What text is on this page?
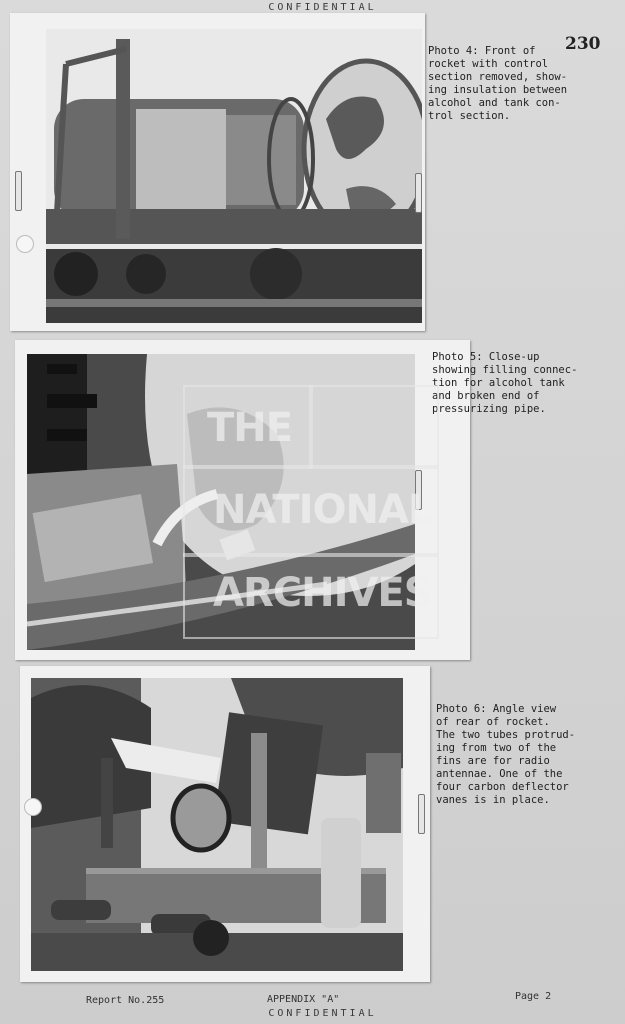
CONFIDENTIAL
230
Photo 4: Front of
rocket with control
section removed, show-
ing insulation between
alcohol and tank con-
trol section.
Photo 5: Close-up
showing filling connec-
tion for alcohol tank
and broken end of
pressurizing pipe.
THE
NATIONAL
ARCHIVES
Photo 6: Angle view
of rear of rocket.
The two tubes protrud-
ing from two of the
fins are for radio
antennae. One of the
four carbon deflector
vanes is in place.
Report No.255	APPENDIX "A"	Page 2
CONFIDENTIAL
